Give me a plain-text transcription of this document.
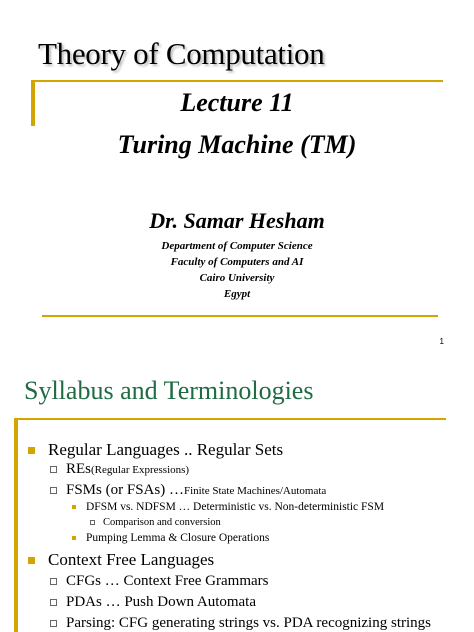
Theory of Computation
Lecture 11
Turing Machine (TM)
Dr. Samar Hesham
Department of Computer Science
Faculty of Computers and AI
Cairo University
Egypt
1
Syllabus and Terminologies
Regular Languages .. Regular Sets
REs (Regular Expressions)
FSMs (or FSAs) … Finite State Machines/Automata
DFSM vs. NDFSM … Deterministic vs. Non-deterministic FSM
Comparison and conversion
Pumping Lemma & Closure Operations
Context Free Languages
CFGs … Context Free Grammars
PDAs … Push Down Automata
Parsing: CFG generating strings vs. PDA recognizing strings
